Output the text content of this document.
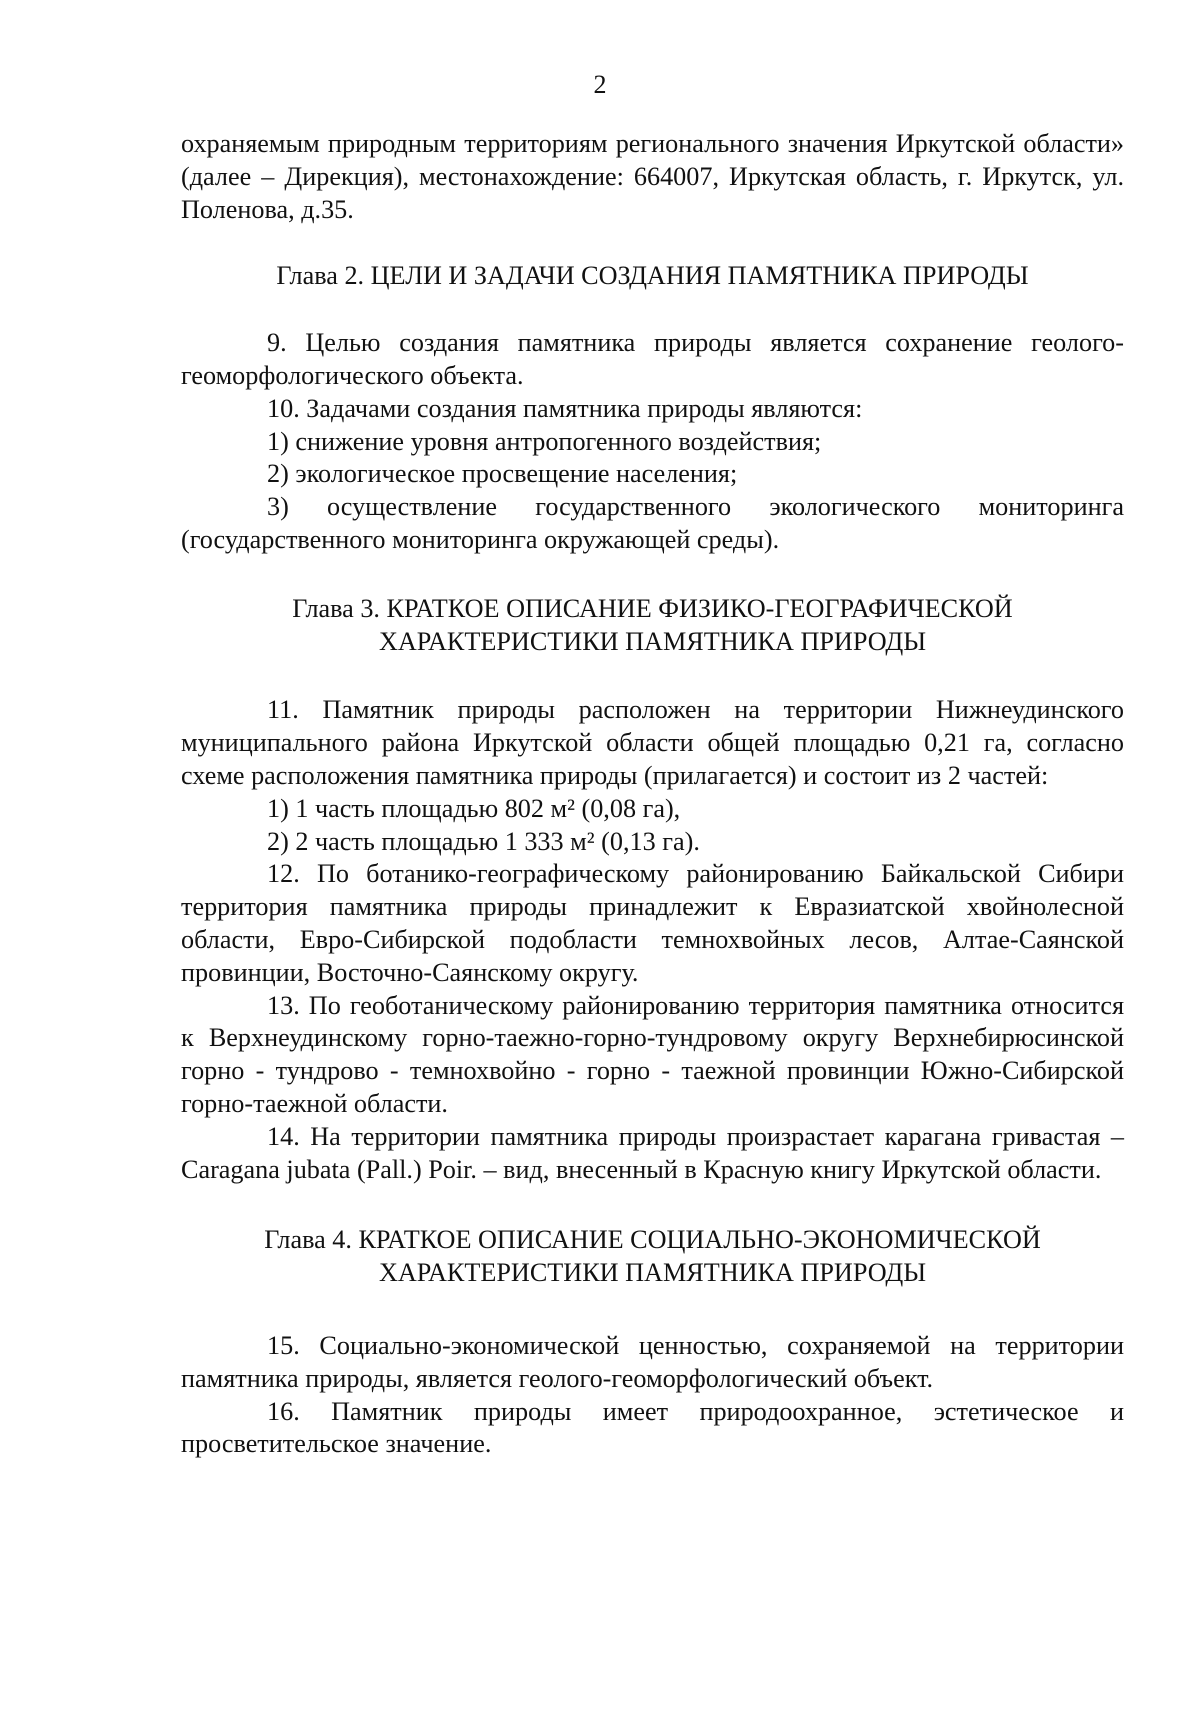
2

охраняемым природным территориям регионального значения Иркутской области» (далее – Дирекция), местонахождение: 664007, Иркутская область, г. Иркутск, ул. Поленова, д.35.

Глава 2. ЦЕЛИ И ЗАДАЧИ СОЗДАНИЯ ПАМЯТНИКА ПРИРОДЫ

9. Целью создания памятника природы является сохранение геолого-геоморфологического объекта.

10. Задачами создания памятника природы являются:

1) снижение уровня антропогенного воздействия;

2) экологическое просвещение населения;

3) осуществление государственного экологического мониторинга (государственного мониторинга окружающей среды).

Глава 3. КРАТКОЕ ОПИСАНИЕ ФИЗИКО-ГЕОГРАФИЧЕСКОЙ
ХАРАКТЕРИСТИКИ ПАМЯТНИКА ПРИРОДЫ

11. Памятник природы расположен на территории Нижнеудинского муниципального района Иркутской области общей площадью 0,21 га, согласно схеме расположения памятника природы (прилагается) и состоит из 2 частей:

1) 1 часть площадью 802 м² (0,08 га),

2) 2 часть площадью 1 333 м² (0,13 га).

12. По ботанико-географическому районированию Байкальской Сибири территория памятника природы принадлежит к Евразиатской хвойнолесной области, Евро-Сибирской подобласти темнохвойных лесов, Алтае-Саянской провинции, Восточно-Саянскому округу.

13. По геоботаническому районированию территория памятника относится к Верхнеудинскому горно-таежно-горно-тундровому округу Верхнебирюсинской горно - тундрово - темнохвойно - горно - таежной провинции Южно-Сибирской горно-таежной области.

14. На территории памятника природы произрастает карагана гривастая – Caragana jubata (Pall.) Poir. – вид, внесенный в Красную книгу Иркутской области.

Глава 4. КРАТКОЕ ОПИСАНИЕ СОЦИАЛЬНО-ЭКОНОМИЧЕСКОЙ
ХАРАКТЕРИСТИКИ ПАМЯТНИКА ПРИРОДЫ

15. Социально-экономической ценностью, сохраняемой на территории памятника природы, является геолого-геоморфологический объект.

16. Памятник природы имеет природоохранное, эстетическое и просветительское значение.
